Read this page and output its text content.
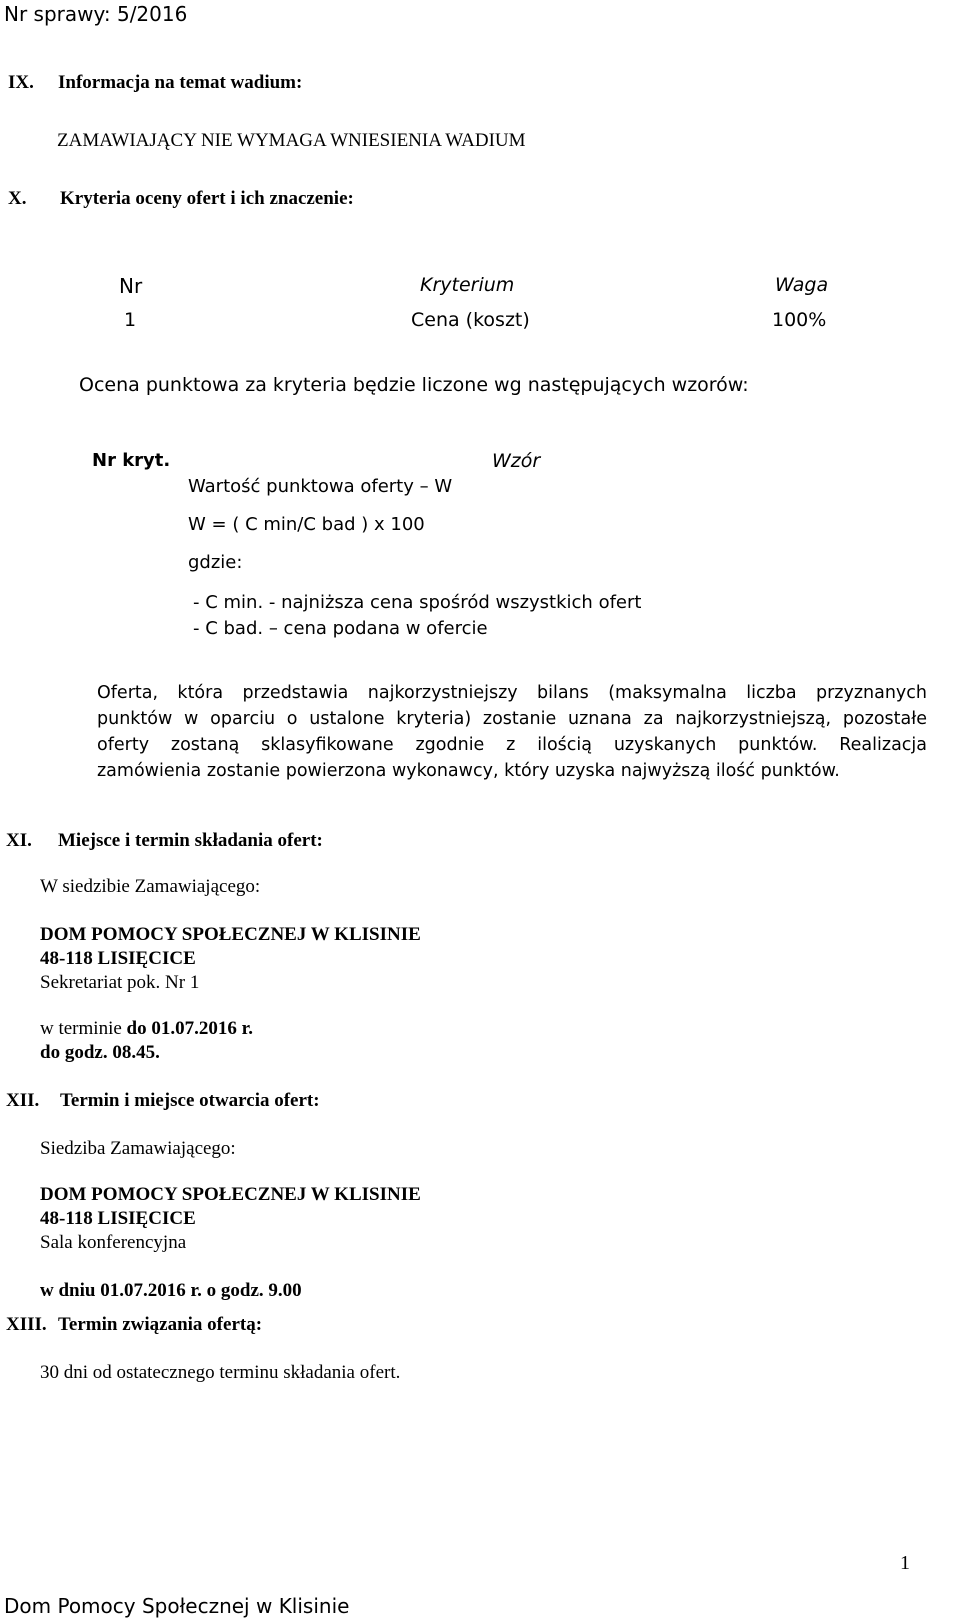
Nr sprawy: 5/2016
IX. Informacja na temat wadium:
ZAMAWIAJĄCY NIE WYMAGA WNIESIENIA WADIUM
X. Kryteria oceny ofert i ich znaczenie:
Nr	Kryterium	Waga
1	Cena (koszt)	100%
Ocena punktowa za kryteria będzie liczone wg następujących wzorów:
Nr kryt.	Wzór
Wartość punktowa oferty – W
W = ( C min/C bad ) x 100
gdzie:
- C min. - najniższa cena spośród wszystkich ofert
- C bad. – cena podana w ofercie
Oferta, która przedstawia najkorzystniejszy bilans (maksymalna liczba przyznanych
punktów w oparciu o ustalone kryteria) zostanie uznana za najkorzystniejszą, pozostałe
oferty zostaną sklasyfikowane zgodnie z ilością uzyskanych punktów. Realizacja
zamówienia zostanie powierzona wykonawcy, który uzyska najwyższą ilość punktów.
XI. Miejsce i termin składania ofert:
W siedzibie Zamawiającego:
DOM POMOCY SPOŁECZNEJ W KLISINIE
48-118 LISIĘCICE
Sekretariat pok. Nr 1
w terminie do 01.07.2016 r.
do godz. 08.45.
XII. Termin i miejsce otwarcia ofert:
Siedziba Zamawiającego:
DOM POMOCY SPOŁECZNEJ W KLISINIE
48-118 LISIĘCICE
Sala konferencyjna
w dniu 01.07.2016 r. o godz. 9.00
XIII. Termin związania ofertą:
30 dni od ostatecznego terminu składania ofert.
1
Dom Pomocy Społecznej w Klisinie
